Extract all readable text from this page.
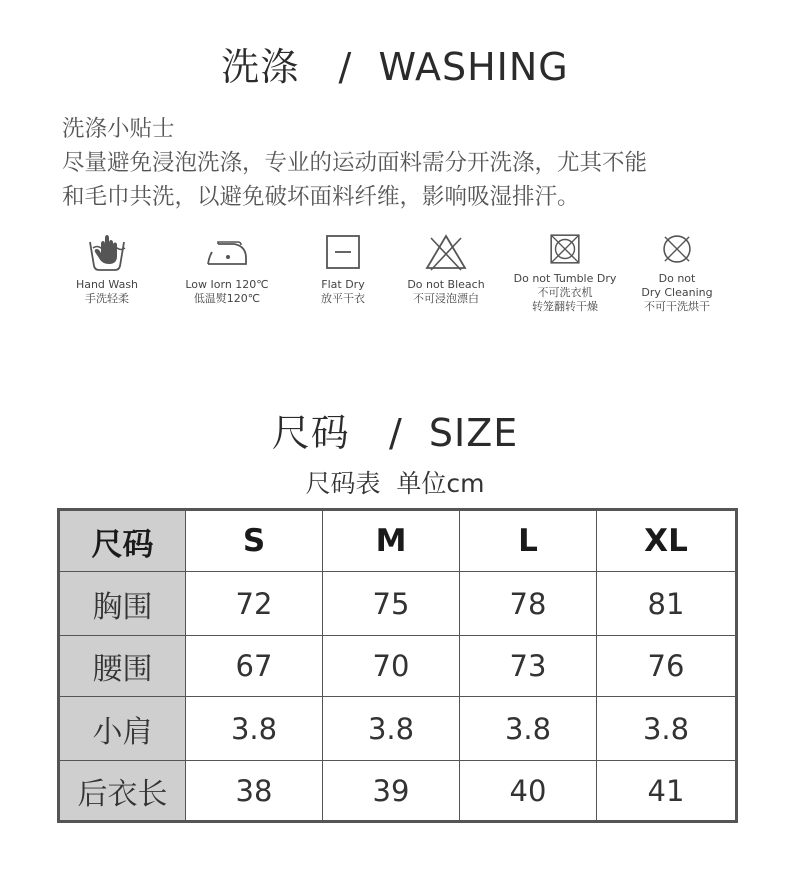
洗涤   /  WASHING
洗涤小贴士
尽量避免浸泡洗涤，专业的运动面料需分开洗涤，尤其不能
和毛巾共洗，以避免破坏面料纤维，影响吸湿排汗。
Hand Wash
手洗轻柔
Low Iorn 120℃
低温熨120℃
Flat Dry
放平干衣
Do not Bleach
不可浸泡漂白
Do not Tumble Dry
不可洗衣机
转笼翻转干燥
Do not
Dry Cleaning
不可干洗烘干
尺码   /  SIZE
尺码表  单位cm
尺码	S	M	L	XL
胸围	72	75	78	81
腰围	67	70	73	76
小肩	3.8	3.8	3.8	3.8
后衣长	38	39	40	41
